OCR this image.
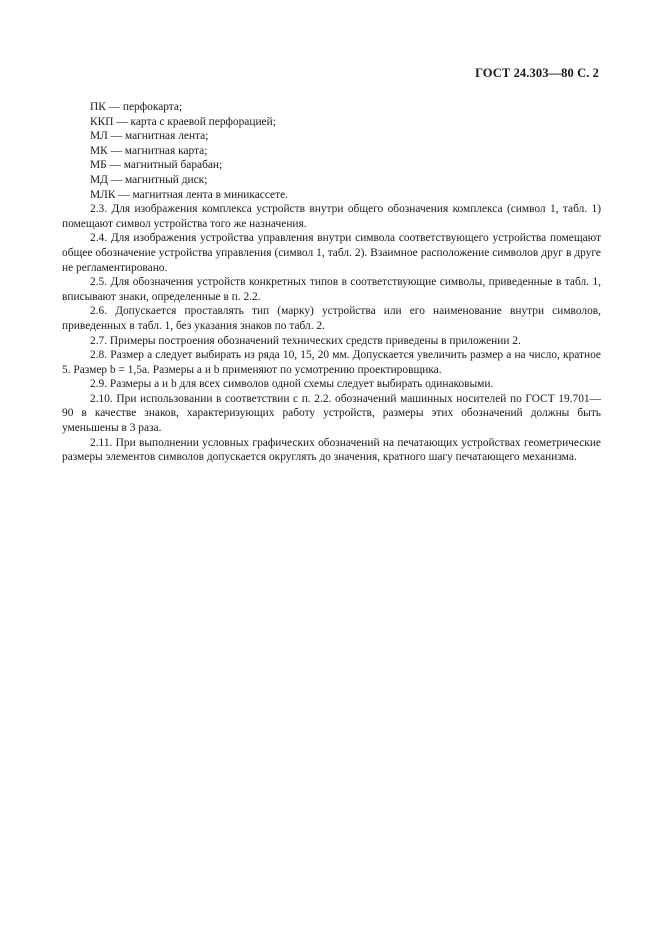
ГОСТ 24.303—80 С. 2
ПК — перфокарта;
ККП — карта с краевой перфорацией;
МЛ — магнитная лента;
МК — магнитная карта;
МБ — магнитный барабан;
МД — магнитный диск;
МЛК — магнитная лента в миникассете.

2.3. Для изображения комплекса устройств внутри общего обозначения комплекса (символ 1, табл. 1) помещают символ устройства того же назначения.

2.4. Для изображения устройства управления внутри символа соответствующего устройства помещают общее обозначение устройства управления (символ 1, табл. 2). Взаимное расположение символов друг в друге не регламентировано.

2.5. Для обозначения устройств конкретных типов в соответствующие символы, приведенные в табл. 1, вписывают знаки, определенные в п. 2.2.

2.6. Допускается проставлять тип (марку) устройства или его наименование внутри символов, приведенных в табл. 1, без указания знаков по табл. 2.

2.7. Примеры построения обозначений технических средств приведены в приложении 2.

2.8. Размер a следует выбирать из ряда 10, 15, 20 мм. Допускается увеличить размер a на число, кратное 5. Размер b = 1,5a. Размеры a и b применяют по усмотрению проектировщика.

2.9. Размеры a и b для всех символов одной схемы следует выбирать одинаковыми.

2.10. При использовании в соответствии с п. 2.2. обозначений машинных носителей по ГОСТ 19.701—90 в качестве знаков, характеризующих работу устройств, размеры этих обозначений должны быть уменьшены в 3 раза.

2.11. При выполнении условных графических обозначений на печатающих устройствах геометрические размеры элементов символов допускается округлять до значения, кратного шагу печатающего механизма.
